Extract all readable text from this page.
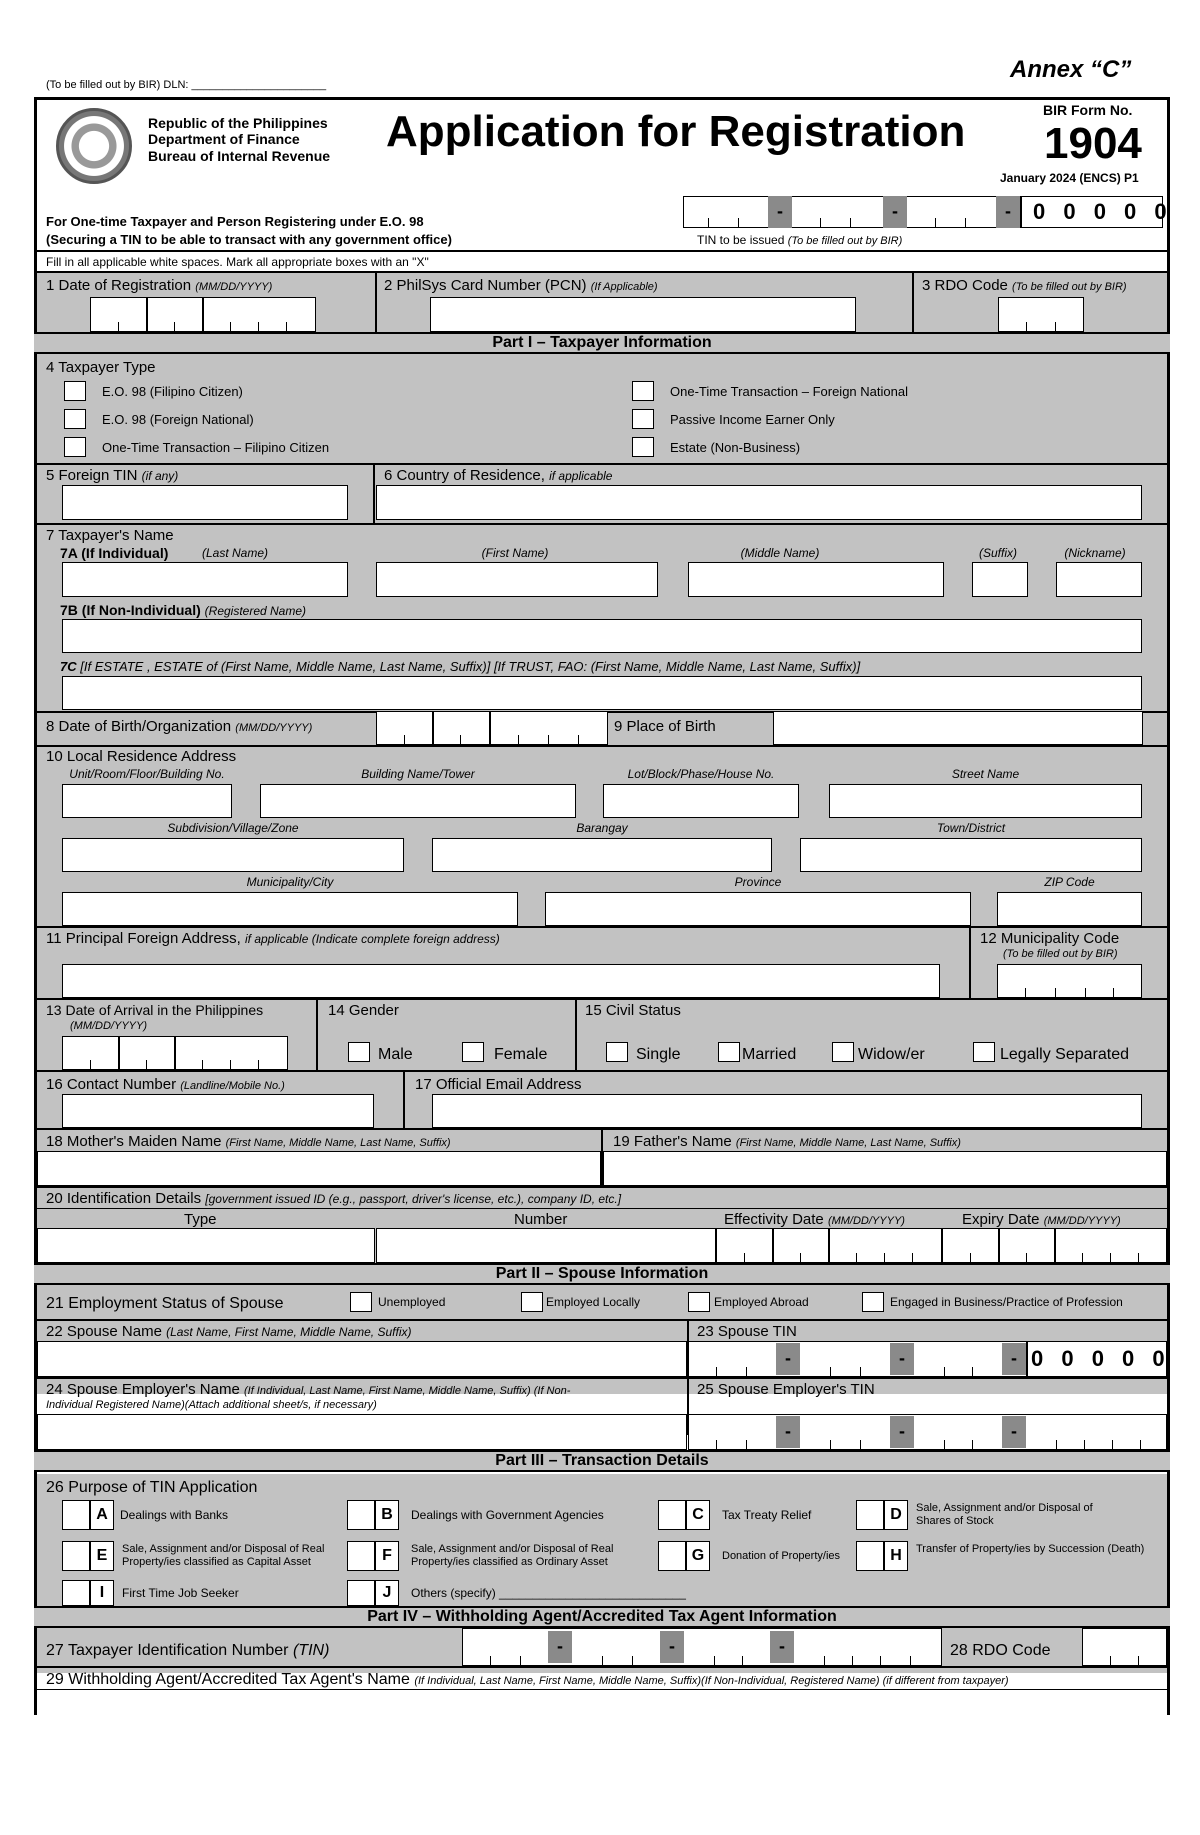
(To be filled out by BIR) DLN: ______________________
Annex “C”
Republic of the Philippines
Department of Finance
Bureau of Internal Revenue Application for Registration	BIR Form No.
1904
January 2024 (ENCS) P1
For One-time Taxpayer and Person Registering under E.O. 98
(Securing a TIN to be able to transact with any government office)
-	-	-	0 0 0 0 0
TIN to be issued (To be filled out by BIR)
Fill in all applicable white spaces. Mark all appropriate boxes with an "X"
1 Date of Registration (MM/DD/YYYY)	2 PhilSys Card Number (PCN) (If Applicable)	3 RDO Code (To be filled out by BIR)
Part I – Taxpayer Information
4 Taxpayer Type
E.O. 98 (Filipino Citizen)
E.O. 98 (Foreign National)
One-Time Transaction – Filipino Citizen
One-Time Transaction – Foreign National
Passive Income Earner Only
Estate (Non-Business)
5 Foreign TIN (if any)	6 Country of Residence, if applicable
7 Taxpayer's Name
7A (If Individual)	(Last Name)	(First Name)	(Middle Name)	(Suffix)	(Nickname)
7B (If Non-Individual) (Registered Name)
7C [If ESTATE , ESTATE of (First Name, Middle Name, Last Name, Suffix)] [If TRUST, FAO: (First Name, Middle Name, Last Name, Suffix)]
8 Date of Birth/Organization (MM/DD/YYYY)	9 Place of Birth
10 Local Residence Address
Unit/Room/Floor/Building No.	Building Name/Tower	Lot/Block/Phase/House No.	Street Name
Subdivision/Village/Zone	Barangay	Town/District
Municipality/City	Province	ZIP Code
11 Principal Foreign Address, if applicable (Indicate complete foreign address)	12 Municipality Code
(To be filled out by BIR)
13 Date of Arrival in the Philippines
(MM/DD/YYYY)
14 Gender
Male	Female
15 Civil Status
Single	Married	Widow/er	Legally Separated
16 Contact Number (Landline/Mobile No.)	17 Official Email Address
18 Mother's Maiden Name (First Name, Middle Name, Last Name, Suffix)	19 Father's Name (First Name, Middle Name, Last Name, Suffix)
20 Identification Details [government issued ID (e.g., passport, driver's license, etc.), company ID, etc.]
Type	Number	Effectivity Date (MM/DD/YYYY)	Expiry Date (MM/DD/YYYY)
Part II – Spouse Information
21 Employment Status of Spouse	Unemployed	Employed Locally	Employed Abroad	Engaged in Business/Practice of Profession
22 Spouse Name (Last Name, First Name, Middle Name, Suffix)	23 Spouse TIN
-	-	- 0 0 0 0 0
24 Spouse Employer's Name (If Individual, Last Name, First Name, Middle Name, Suffix) (If Non-
Individual Registered Name)(Attach additional sheet/s, if necessary)
25 Spouse Employer's TIN
-	-	-
Part III – Transaction Details
26 Purpose of TIN Application
A	Dealings with Banks	B	Dealings with Government Agencies	C	Tax Treaty Relief	D	Sale, Assignment and/or Disposal of Shares of Stock
E	Sale, Assignment and/or Disposal of Real Property/ies classified as Capital Asset	F	Sale, Assignment and/or Disposal of Real Property/ies classified as Ordinary Asset	G	Donation of Property/ies	H	Transfer of Property/ies by Succession (Death)
I	First Time Job Seeker	J	Others (specify) ____________________________
Part IV – Withholding Agent/Accredited Tax Agent Information
27 Taxpayer Identification Number (TIN)	-	-	-	28 RDO Code
29 Withholding Agent/Accredited Tax Agent's Name (If Individual, Last Name, First Name, Middle Name, Suffix)(If Non-Individual, Registered Name) (if different from taxpayer)
